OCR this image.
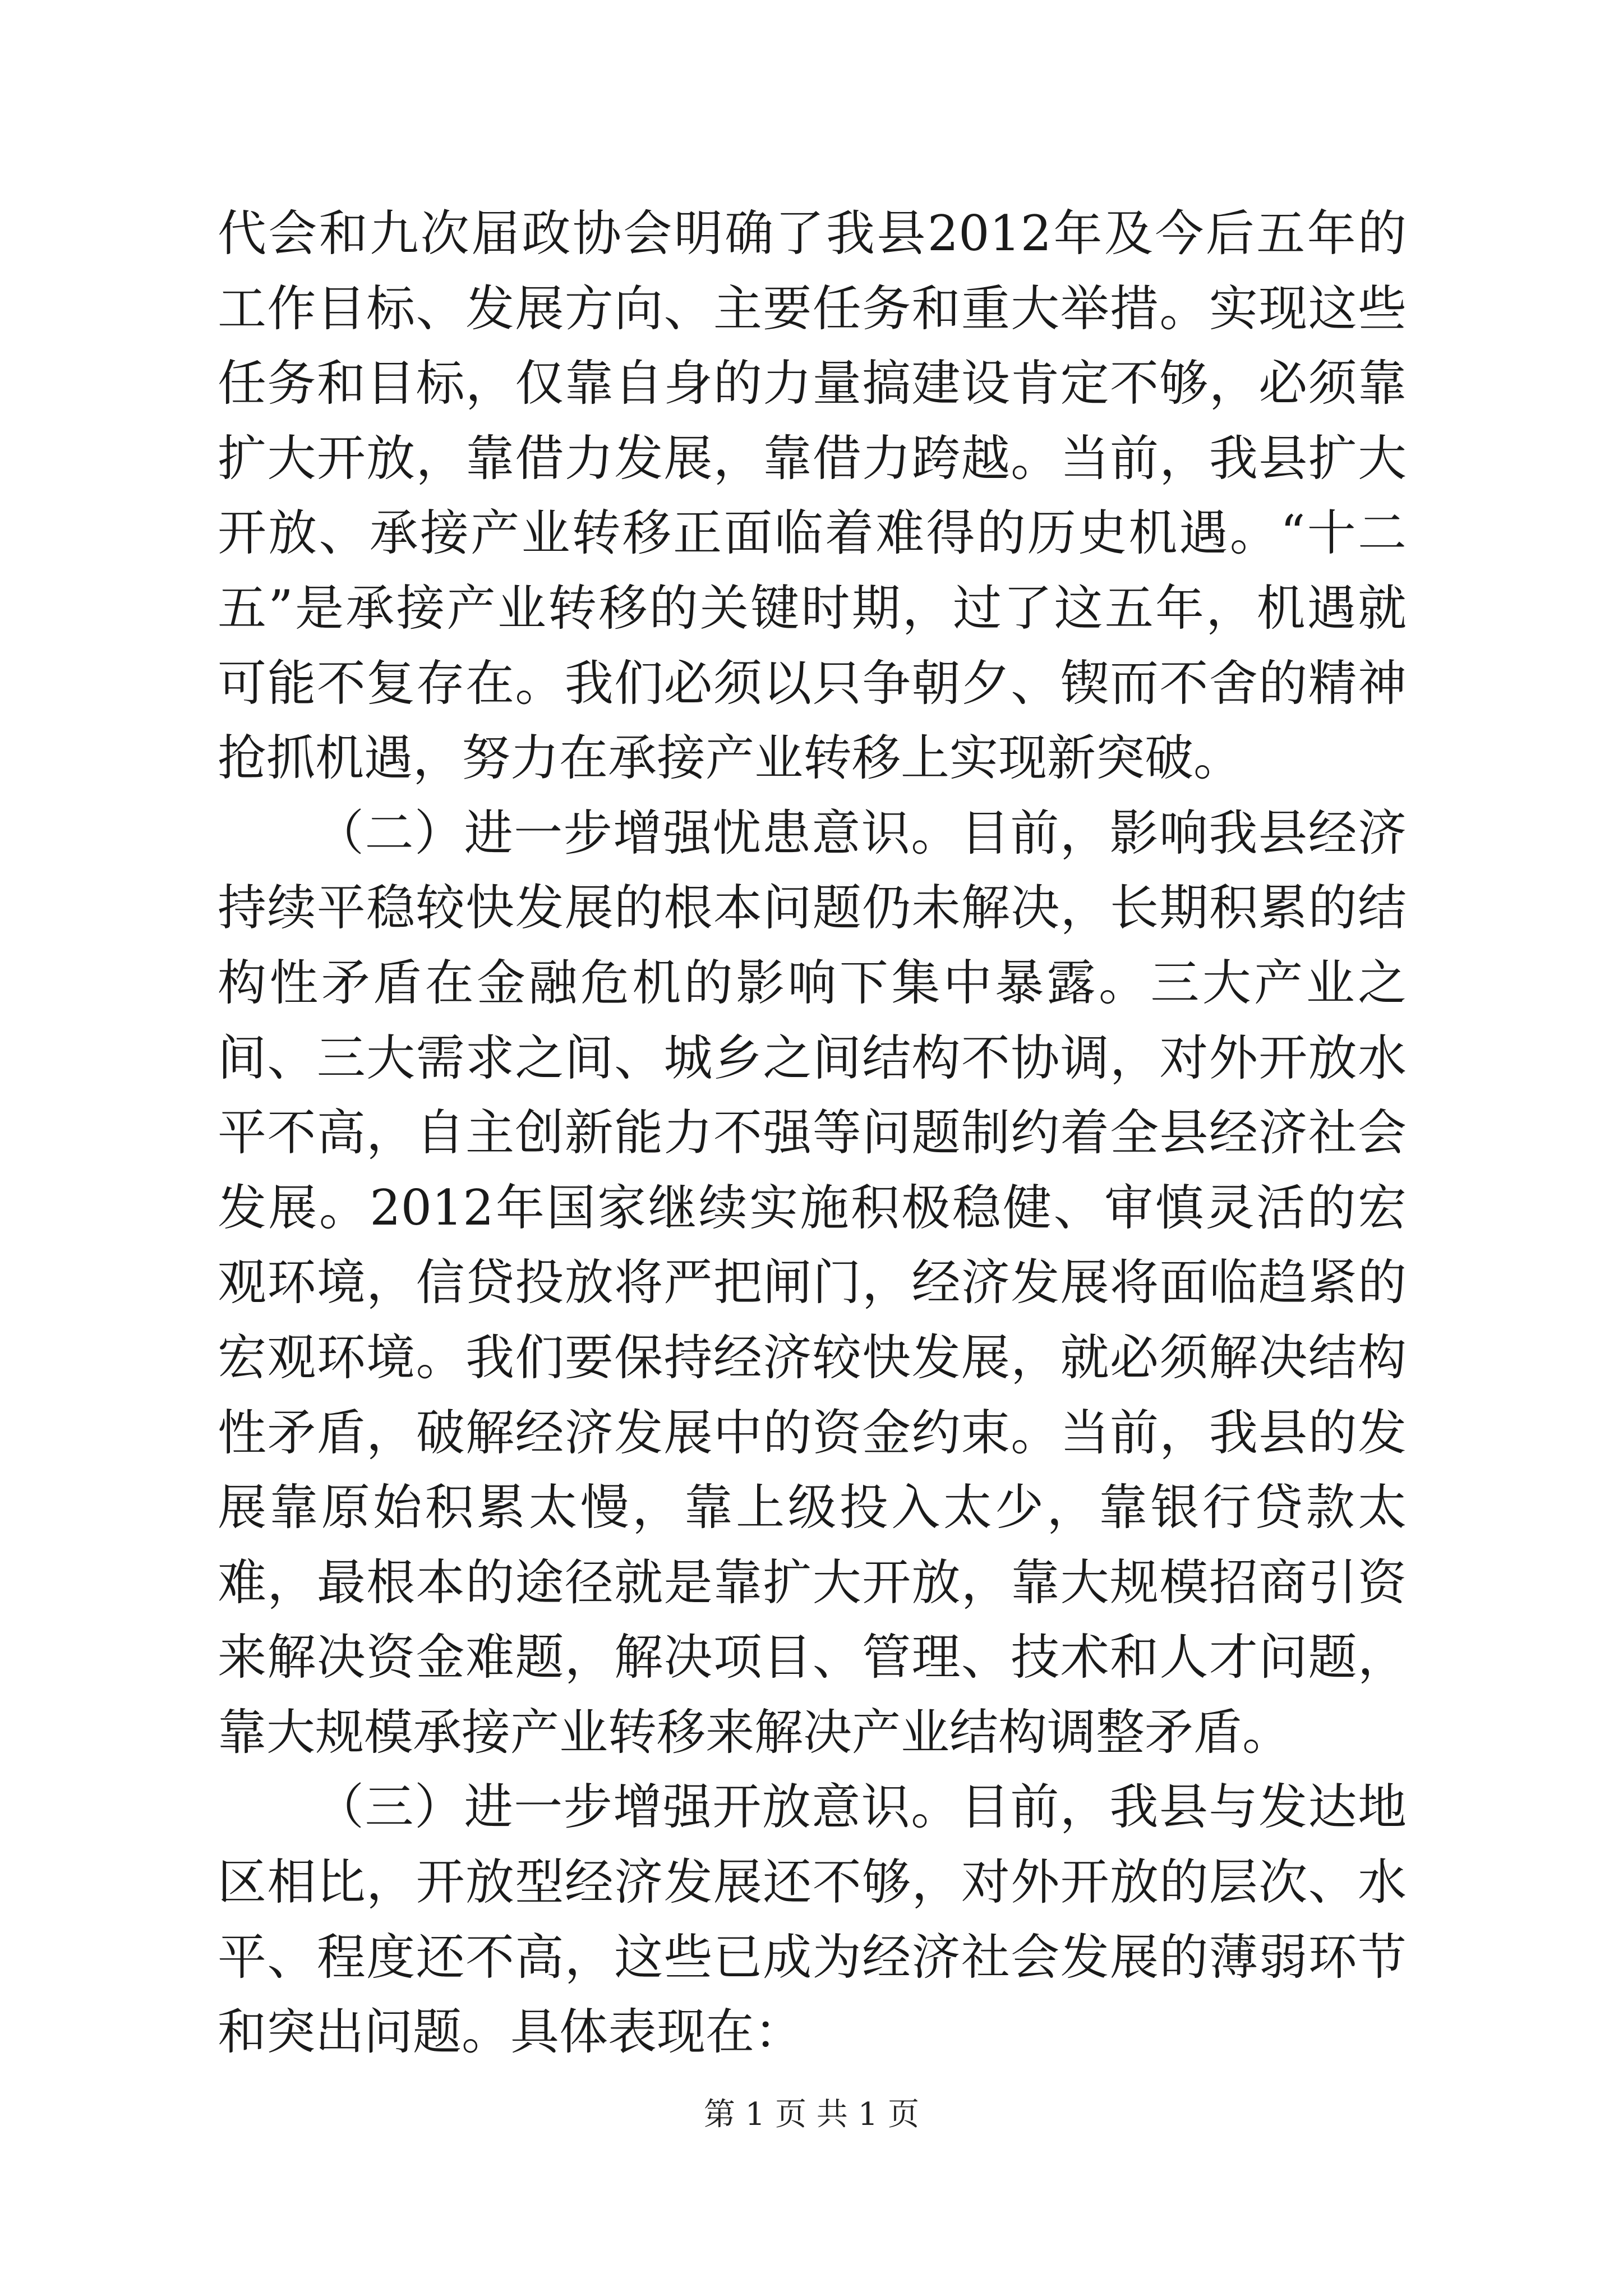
代会和九次届政协会明确了我县2012年及今后五年的工作目标、发展方向、主要任务和重大举措。实现这些任务和目标，仅靠自身的力量搞建设肯定不够，必须靠扩大开放，靠借力发展，靠借力跨越。当前，我县扩大开放、承接产业转移正面临着难得的历史机遇。“十二五”是承接产业转移的关键时期，过了这五年，机遇就可能不复存在。我们必须以只争朝夕、锲而不舍的精神抢抓机遇，努力在承接产业转移上实现新突破。

（二）进一步增强忧患意识。目前，影响我县经济持续平稳较快发展的根本问题仍未解决，长期积累的结构性矛盾在金融危机的影响下集中暴露。三大产业之间、三大需求之间、城乡之间结构不协调，对外开放水平不高，自主创新能力不强等问题制约着全县经济社会发展。2012年国家继续实施积极稳健、审慎灵活的宏观环境，信贷投放将严把闸门，经济发展将面临趋紧的宏观环境。我们要保持经济较快发展，就必须解决结构性矛盾，破解经济发展中的资金约束。当前，我县的发展靠原始积累太慢，靠上级投入太少，靠银行贷款太难，最根本的途径就是靠扩大开放，靠大规模招商引资来解决资金难题，解决项目、管理、技术和人才问题，靠大规模承接产业转移来解决产业结构调整矛盾。

（三）进一步增强开放意识。目前，我县与发达地区相比，开放型经济发展还不够，对外开放的层次、水平、程度还不高，这些已成为经济社会发展的薄弱环节和突出问题。具体表现在：

第 1 页 共 1 页
